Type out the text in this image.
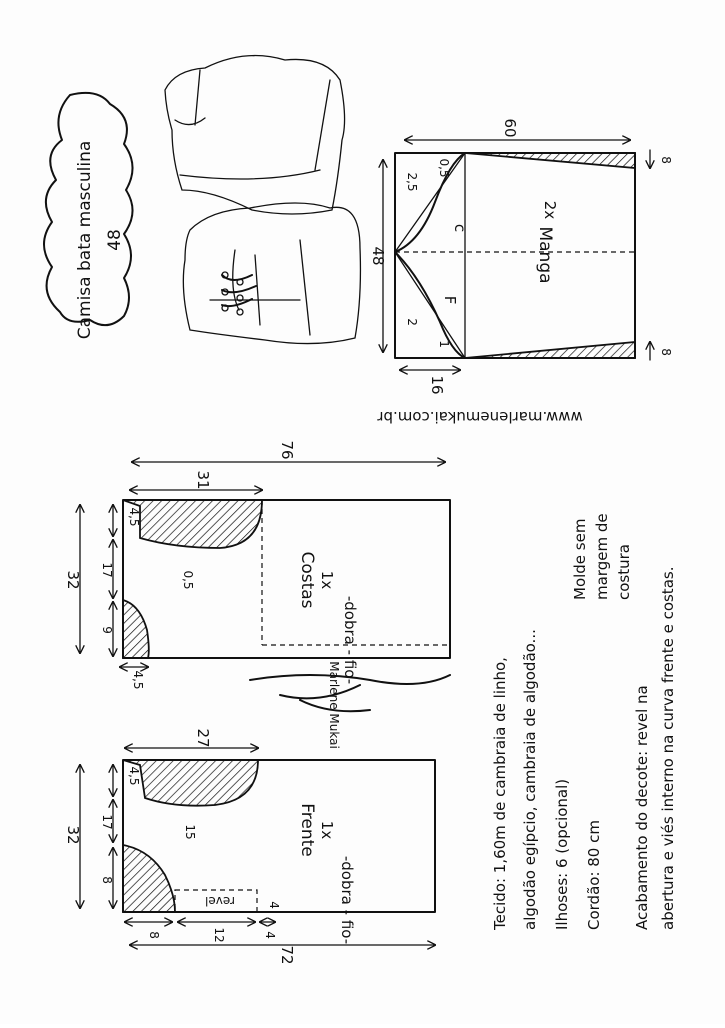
Camisa bata masculina 48	Manga
2x
60
48
16
8
8
2,5
0,5
2
1
c
F
www.marlenemukai.com.br
Costas 1x
-dobra - fio-
76
32
31
4,5
17
9
4,5
0,5
Marlene Mukai
Frente 1x
-dobra - fio-
revel
72
32
27
4,5
17
8
4
8	12	4
15	Tecido: 1,60m de cambraia de linho, algodão egípcio, cambraia de algodão... Ilhoses: 6 (opcional) Cordão: 80 cm Acabamento do decote: revel na abertura e viés interno na curva frente e costas.
Molde sem margem de costura
